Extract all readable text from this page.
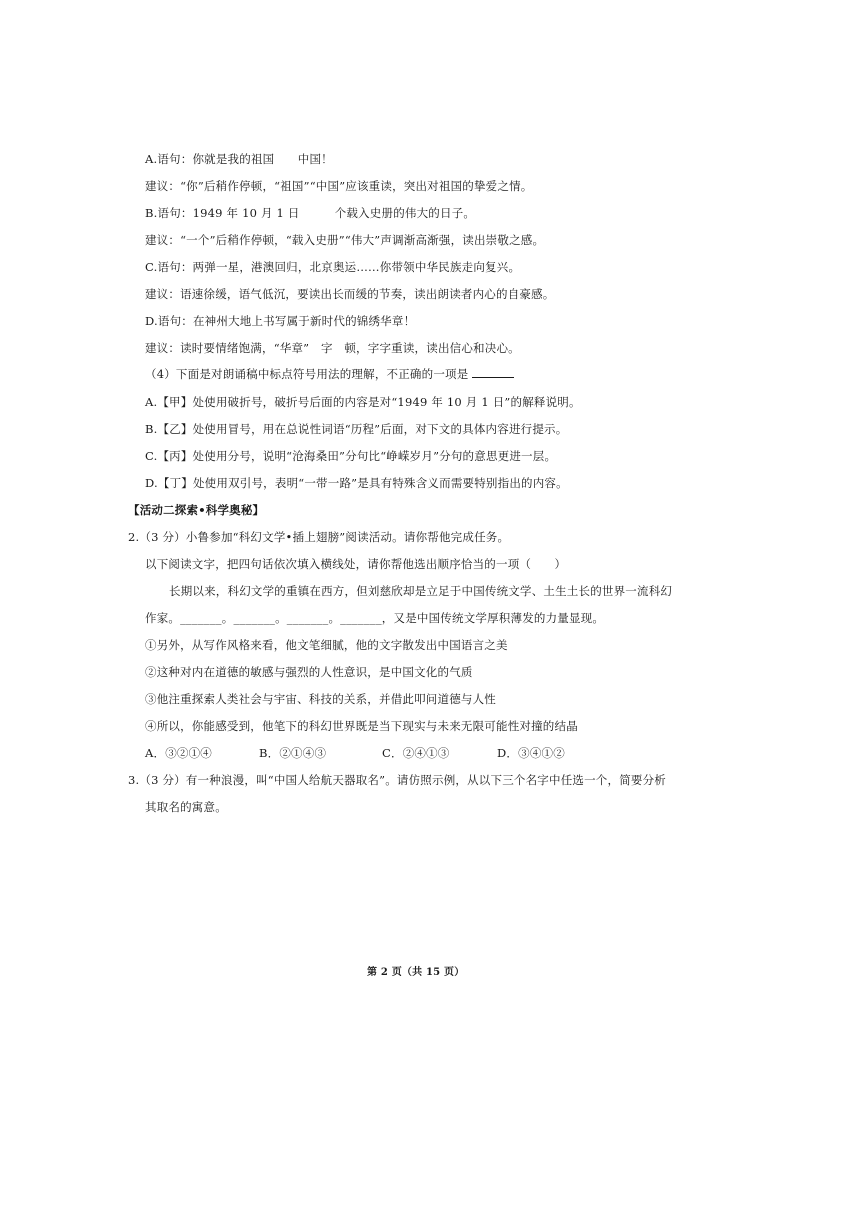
A.语句：你就是我的祖国　　中国！
建议：“你”后稍作停顿，“祖国”“中国”应该重读，突出对祖国的挚爱之情。
B.语句：1949 年 10 月 1 日　　　个载入史册的伟大的日子。
建议：“一个”后稍作停顿，“载入史册”“伟大”声调渐高渐强，读出崇敬之感。
C.语句：两弹一星，港澳回归，北京奥运……你带领中华民族走向复兴。
建议：语速徐缓，语气低沉，要读出长而缓的节奏，读出朗读者内心的自豪感。
D.语句：在神州大地上书写属于新时代的锦绣华章！
建议：读时要情绪饱满，“华章”　字　顿，字字重读，读出信心和决心。
（4）下面是对朗诵稿中标点符号用法的理解，不正确的一项是
A.【甲】处使用破折号，破折号后面的内容是对“1949 年 10 月 1 日”的解释说明。
B.【乙】处使用冒号，用在总说性词语“历程”后面，对下文的具体内容进行提示。
C.【丙】处使用分号，说明“沧海桑田”分句比“峥嵘岁月”分句的意思更进一层。
D.【丁】处使用双引号，表明“一带一路”是具有特殊含义而需要特别指出的内容。
【活动二探索•科学奥秘】
2.（3 分）小鲁参加“科幻文学•插上翅膀”阅读活动。请你帮他完成任务。
以下阅读文字，把四句话依次填入横线处，请你帮他选出顺序恰当的一项（　　）
长期以来，科幻文学的重镇在西方，但刘慈欣却是立足于中国传统文学、土生土长的世界一流科幻
作家。_______。_______。_______。_______，又是中国传统文学厚积薄发的力量显现。
①另外，从写作风格来看，他文笔细腻，他的文字散发出中国语言之美
②这种对内在道德的敏感与强烈的人性意识，是中国文化的气质
③他注重探索人类社会与宇宙、科技的关系，并借此叩问道德与人性
④所以，你能感受到，他笔下的科幻世界既是当下现实与未来无限可能性对撞的结晶
A．③②①④	B．②①④③	C．②④①③	D．③④①②
3.（3 分）有一种浪漫，叫“中国人给航天器取名”。请仿照示例，从以下三个名字中任选一个，简要分析
其取名的寓意。
第 2 页（共 15 页）
